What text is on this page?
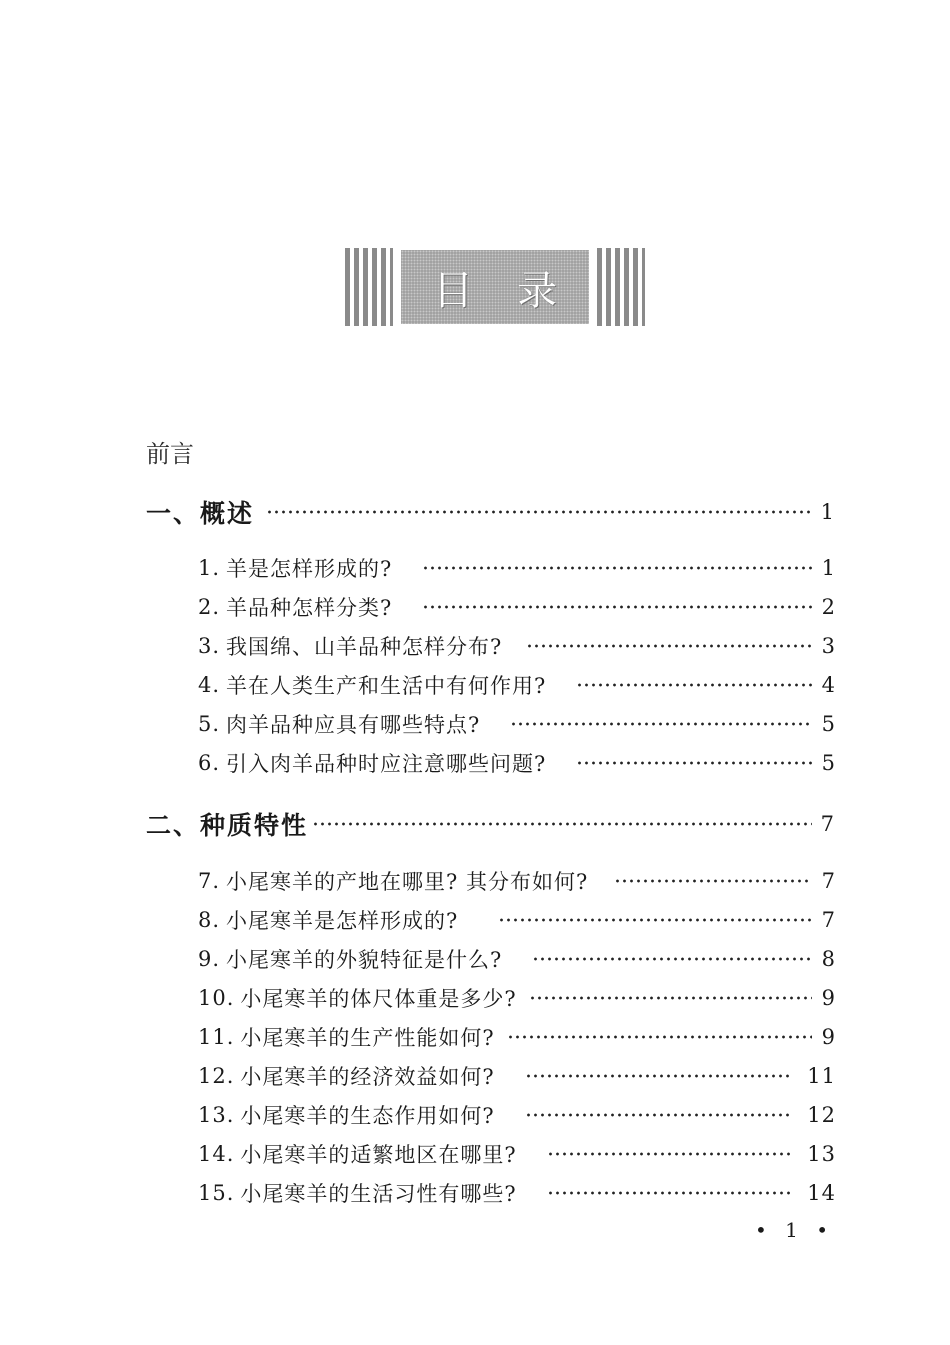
目 录
前言
一、概述	1
1. 羊是怎样形成的?	1
2. 羊品种怎样分类?	2
3. 我国绵、山羊品种怎样分布?	3
4. 羊在人类生产和生活中有何作用?	4
5. 肉羊品种应具有哪些特点?	5
6. 引入肉羊品种时应注意哪些问题?	5
二、种质特性	7
7. 小尾寒羊的产地在哪里? 其分布如何?	7
8. 小尾寒羊是怎样形成的?	7
9. 小尾寒羊的外貌特征是什么?	8
10. 小尾寒羊的体尺体重是多少?	9
11. 小尾寒羊的生产性能如何?	9
12. 小尾寒羊的经济效益如何?	11
13. 小尾寒羊的生态作用如何?	12
14. 小尾寒羊的适繁地区在哪里?	13
15. 小尾寒羊的生活习性有哪些?	14
• 1 •
